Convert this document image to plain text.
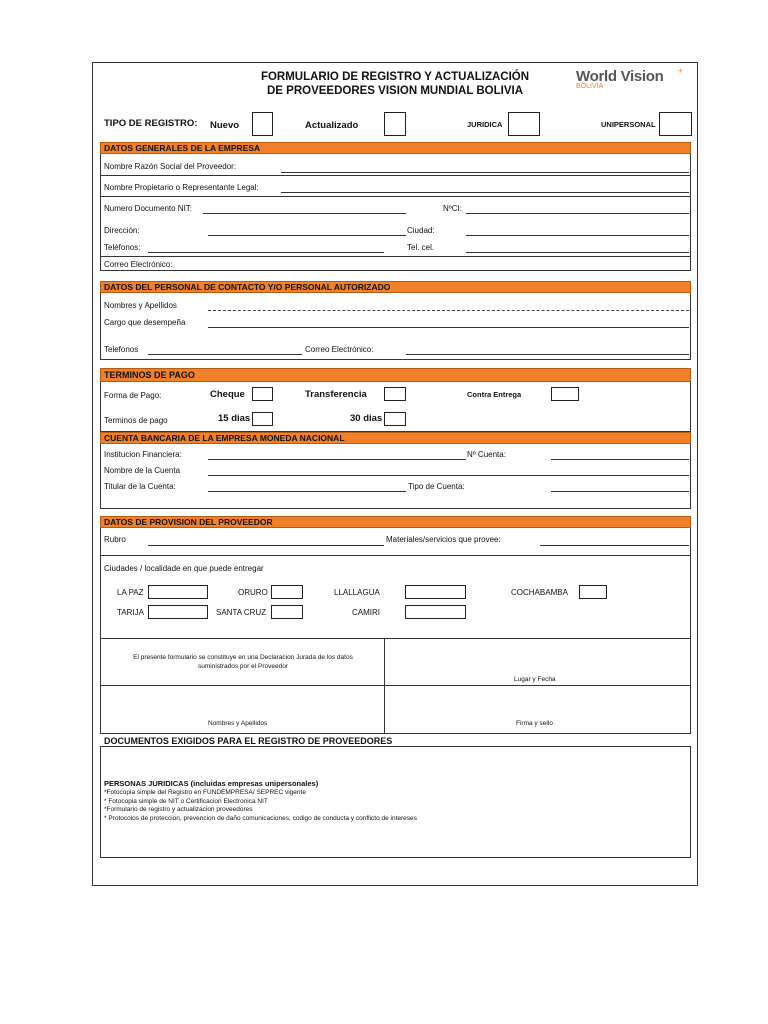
FORMULARIO DE REGISTRO Y ACTUALIZACIÓN
DE PROVEEDORES VISION MUNDIAL BOLIVIA
World Vision
BOLIVIA
+
TIPO DE REGISTRO: Nuevo	Actualizado	JURIDICA	UNIPERSONAL
DATOS GENERALES DE LA EMPRESA
Nombre Razón Social del Proveedor:
Nombre Propietario o Representante Legal:
Numero Documento NIT:	NºCI:
Dirección:	Ciudad:
Teléfonos:	Tel. cel.
Correo Electrónico:
DATOS DEL PERSONAL DE CONTACTO Y/O PERSONAL AUTORIZADO
Nombres y Apellidos
Cargo que desempeña
Telefonos	Correo Electrónico:
TERMINOS DE PAGO
Forma de Pago:	Cheque	Transferencia	Contra Entrega
Terminos de pago	15 dias	30 dias
CUENTA BANCARIA DE LA EMPRESA MONEDA NACIONAL
Institucion Financiera:	Nº Cuenta:
Nombre de la Cuenta
Titular de la Cuenta:	Tipo de Cuenta:
DATOS DE PROVISION DEL PROVEEDOR
Rubro	Materiales/servicios que provee:
Ciudades / localidade en que puede entregar
LA PAZ	ORURO	LLALLAGUA	COCHABAMBA
TARIJA	SANTA CRUZ	CAMIRI
El presente formulario se constituye en una Declaracion Jurada de los datos
suministrados por el Proveedor
Lugar y Fecha
Nombres y Apellidos	Firma y sello
DOCUMENTOS EXIGIDOS PARA EL REGISTRO DE PROVEEDORES
PERSONAS JURIDICAS (incluidas empresas unipersonales)
*Fotocopia simple del Registro en FUNDEMPRESA/ SEPREC vigente
* Fotocopia simple de NIT o Certificacion Electronica NIT
*Formulario de registro y actualizacion proveedores
* Protocolos de proteccion, prevencion de daño comunicaciones, codigo de conducta y conflicto de intereses
